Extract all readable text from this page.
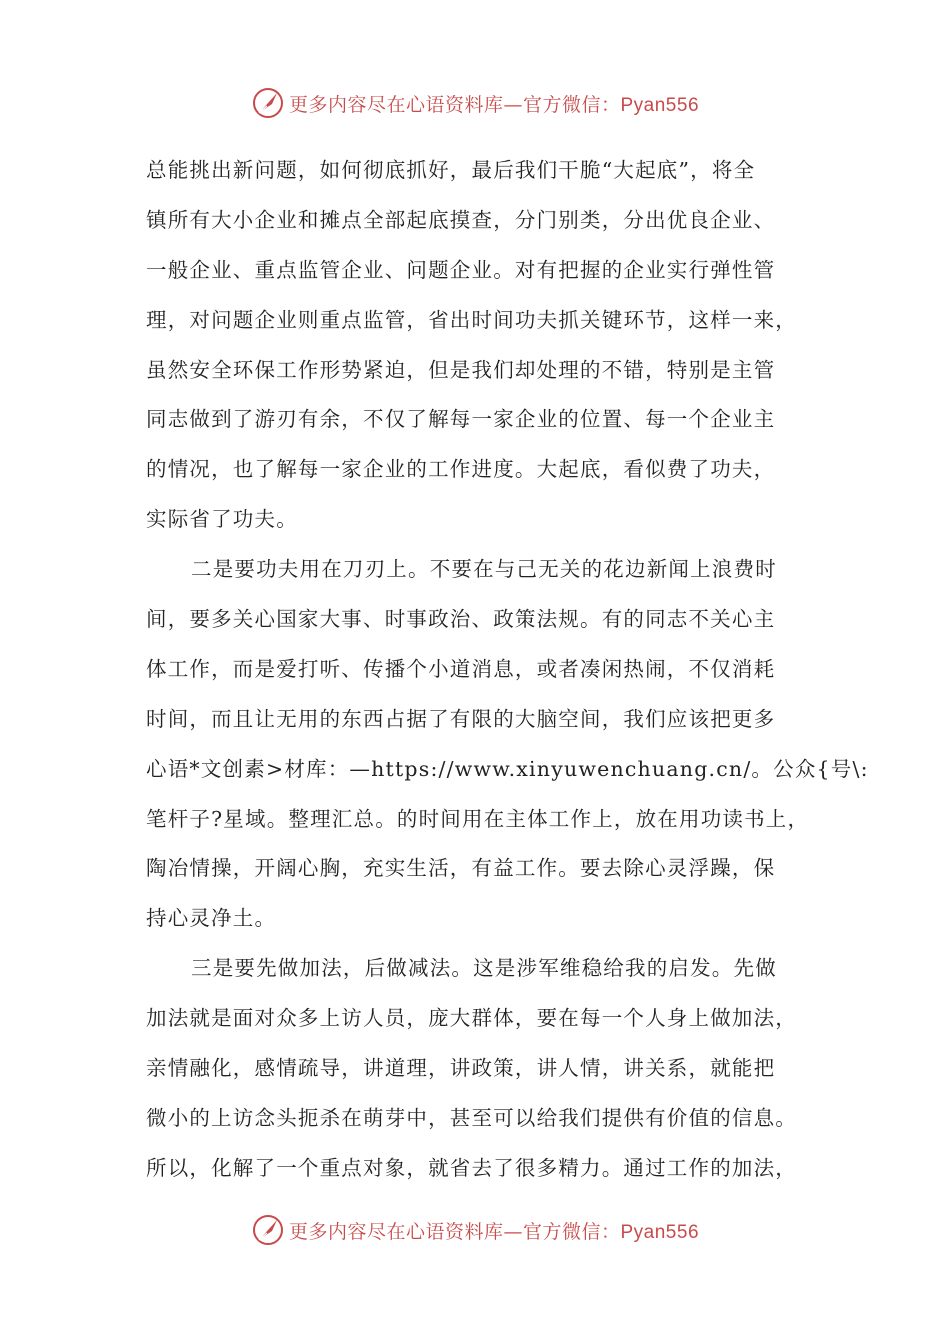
更多内容尽在心语资料库—官方微信：Pyan556
总能挑出新问题，如何彻底抓好，最后我们干脆“大起底”，将全
镇所有大小企业和摊点全部起底摸查，分门别类，分出优良企业、
一般企业、重点监管企业、问题企业。对有把握的企业实行弹性管
理，对问题企业则重点监管，省出时间功夫抓关键环节，这样一来，
虽然安全环保工作形势紧迫，但是我们却处理的不错，特别是主管
同志做到了游刃有余，不仅了解每一家企业的位置、每一个企业主
的情况，也了解每一家企业的工作进度。大起底，看似费了功夫，
实际省了功夫。
二是要功夫用在刀刃上。不要在与己无关的花边新闻上浪费时
间，要多关心国家大事、时事政治、政策法规。有的同志不关心主
体工作，而是爱打听、传播个小道消息，或者凑闲热闹，不仅消耗
时间，而且让无用的东西占据了有限的大脑空间，我们应该把更多
心语*文创素>材库：—https://www.xinyuwenchuang.cn/。公众{号\:
笔杆子?星域。整理汇总。的时间用在主体工作上，放在用功读书上，
陶冶情操，开阔心胸，充实生活，有益工作。要去除心灵浮躁，保
持心灵净土。
三是要先做加法，后做减法。这是涉军维稳给我的启发。先做
加法就是面对众多上访人员，庞大群体，要在每一个人身上做加法，
亲情融化，感情疏导，讲道理，讲政策，讲人情，讲关系，就能把
微小的上访念头扼杀在萌芽中，甚至可以给我们提供有价值的信息。
所以，化解了一个重点对象，就省去了很多精力。通过工作的加法，
更多内容尽在心语资料库—官方微信：Pyan556
